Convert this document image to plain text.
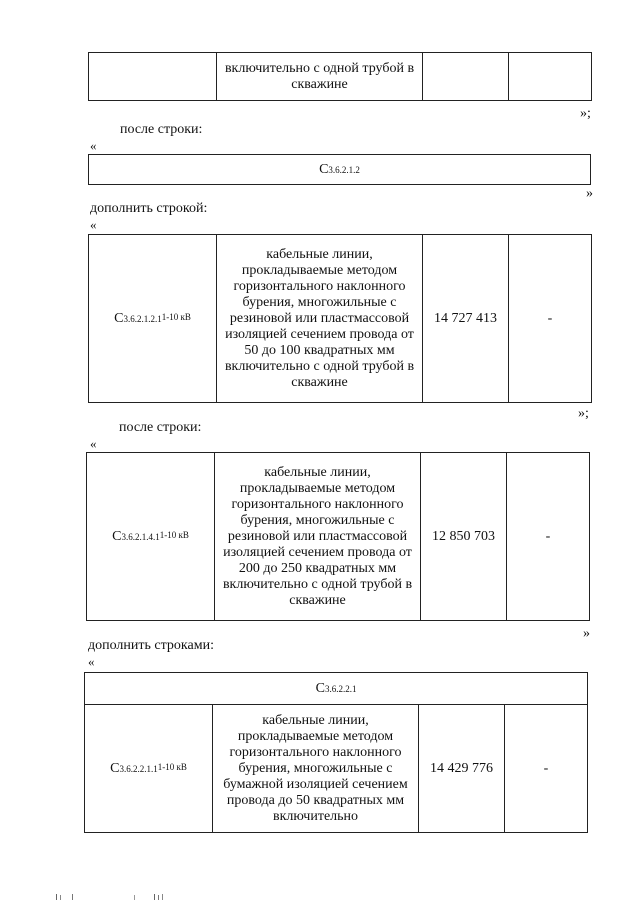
	включительно с одной трубой в скважине		
»;
после строки:
«
С3.6.2.1.2
»
дополнить строкой:
«
$С3.6.2.1.2.1^{1-10 кВ}$	кабельные линии, прокладываемые методом горизонтального наклонного бурения, многожильные с резиновой или пластмассовой изоляцией сечением провода от 50 до 100 квадратных мм включительно с одной трубой в скважине	14 727 413	-
»;
после строки:
«
$С3.6.2.1.4.1^{1-10 кВ}$	кабельные линии, прокладываемые методом горизонтального наклонного бурения, многожильные с резиновой или пластмассовой изоляцией сечением провода от 200 до 250 квадратных мм включительно с одной трубой в скважине	12 850 703	-
»
дополнить строками:
«
С3.6.2.2.1
$С3.6.2.2.1.1^{1-10 кВ}$	кабельные линии, прокладываемые методом горизонтального наклонного бурения, многожильные с бумажной изоляцией сечением провода до 50 квадратных мм включительно	14 429 776	-
